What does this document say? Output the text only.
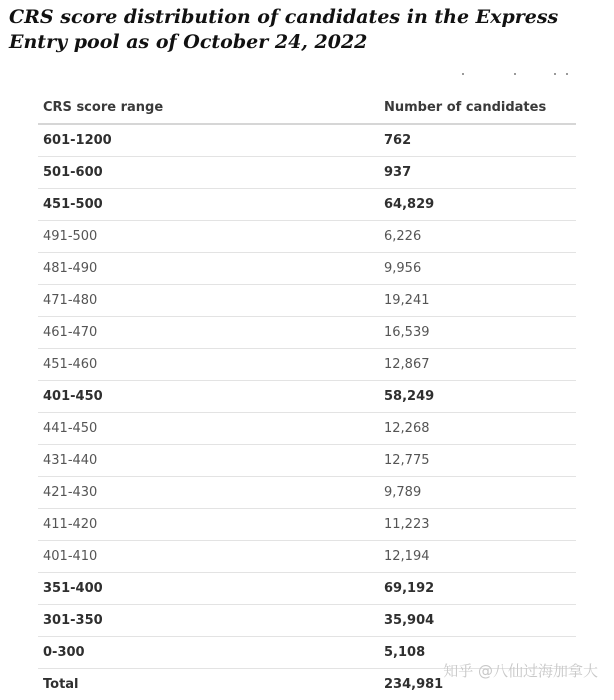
CRS score distribution of candidates in the Express Entry pool as of October 24, 2022
CRS score range	Number of candidates
601-1200	762
501-600	937
451-500	64,829
491-500	6,226
481-490	9,956
471-480	19,241
461-470	16,539
451-460	12,867
401-450	58,249
441-450	12,268
431-440	12,775
421-430	9,789
411-420	11,223
401-410	12,194
351-400	69,192
301-350	35,904
0-300	5,108
Total	234,981
知乎 @八仙过海加拿大
